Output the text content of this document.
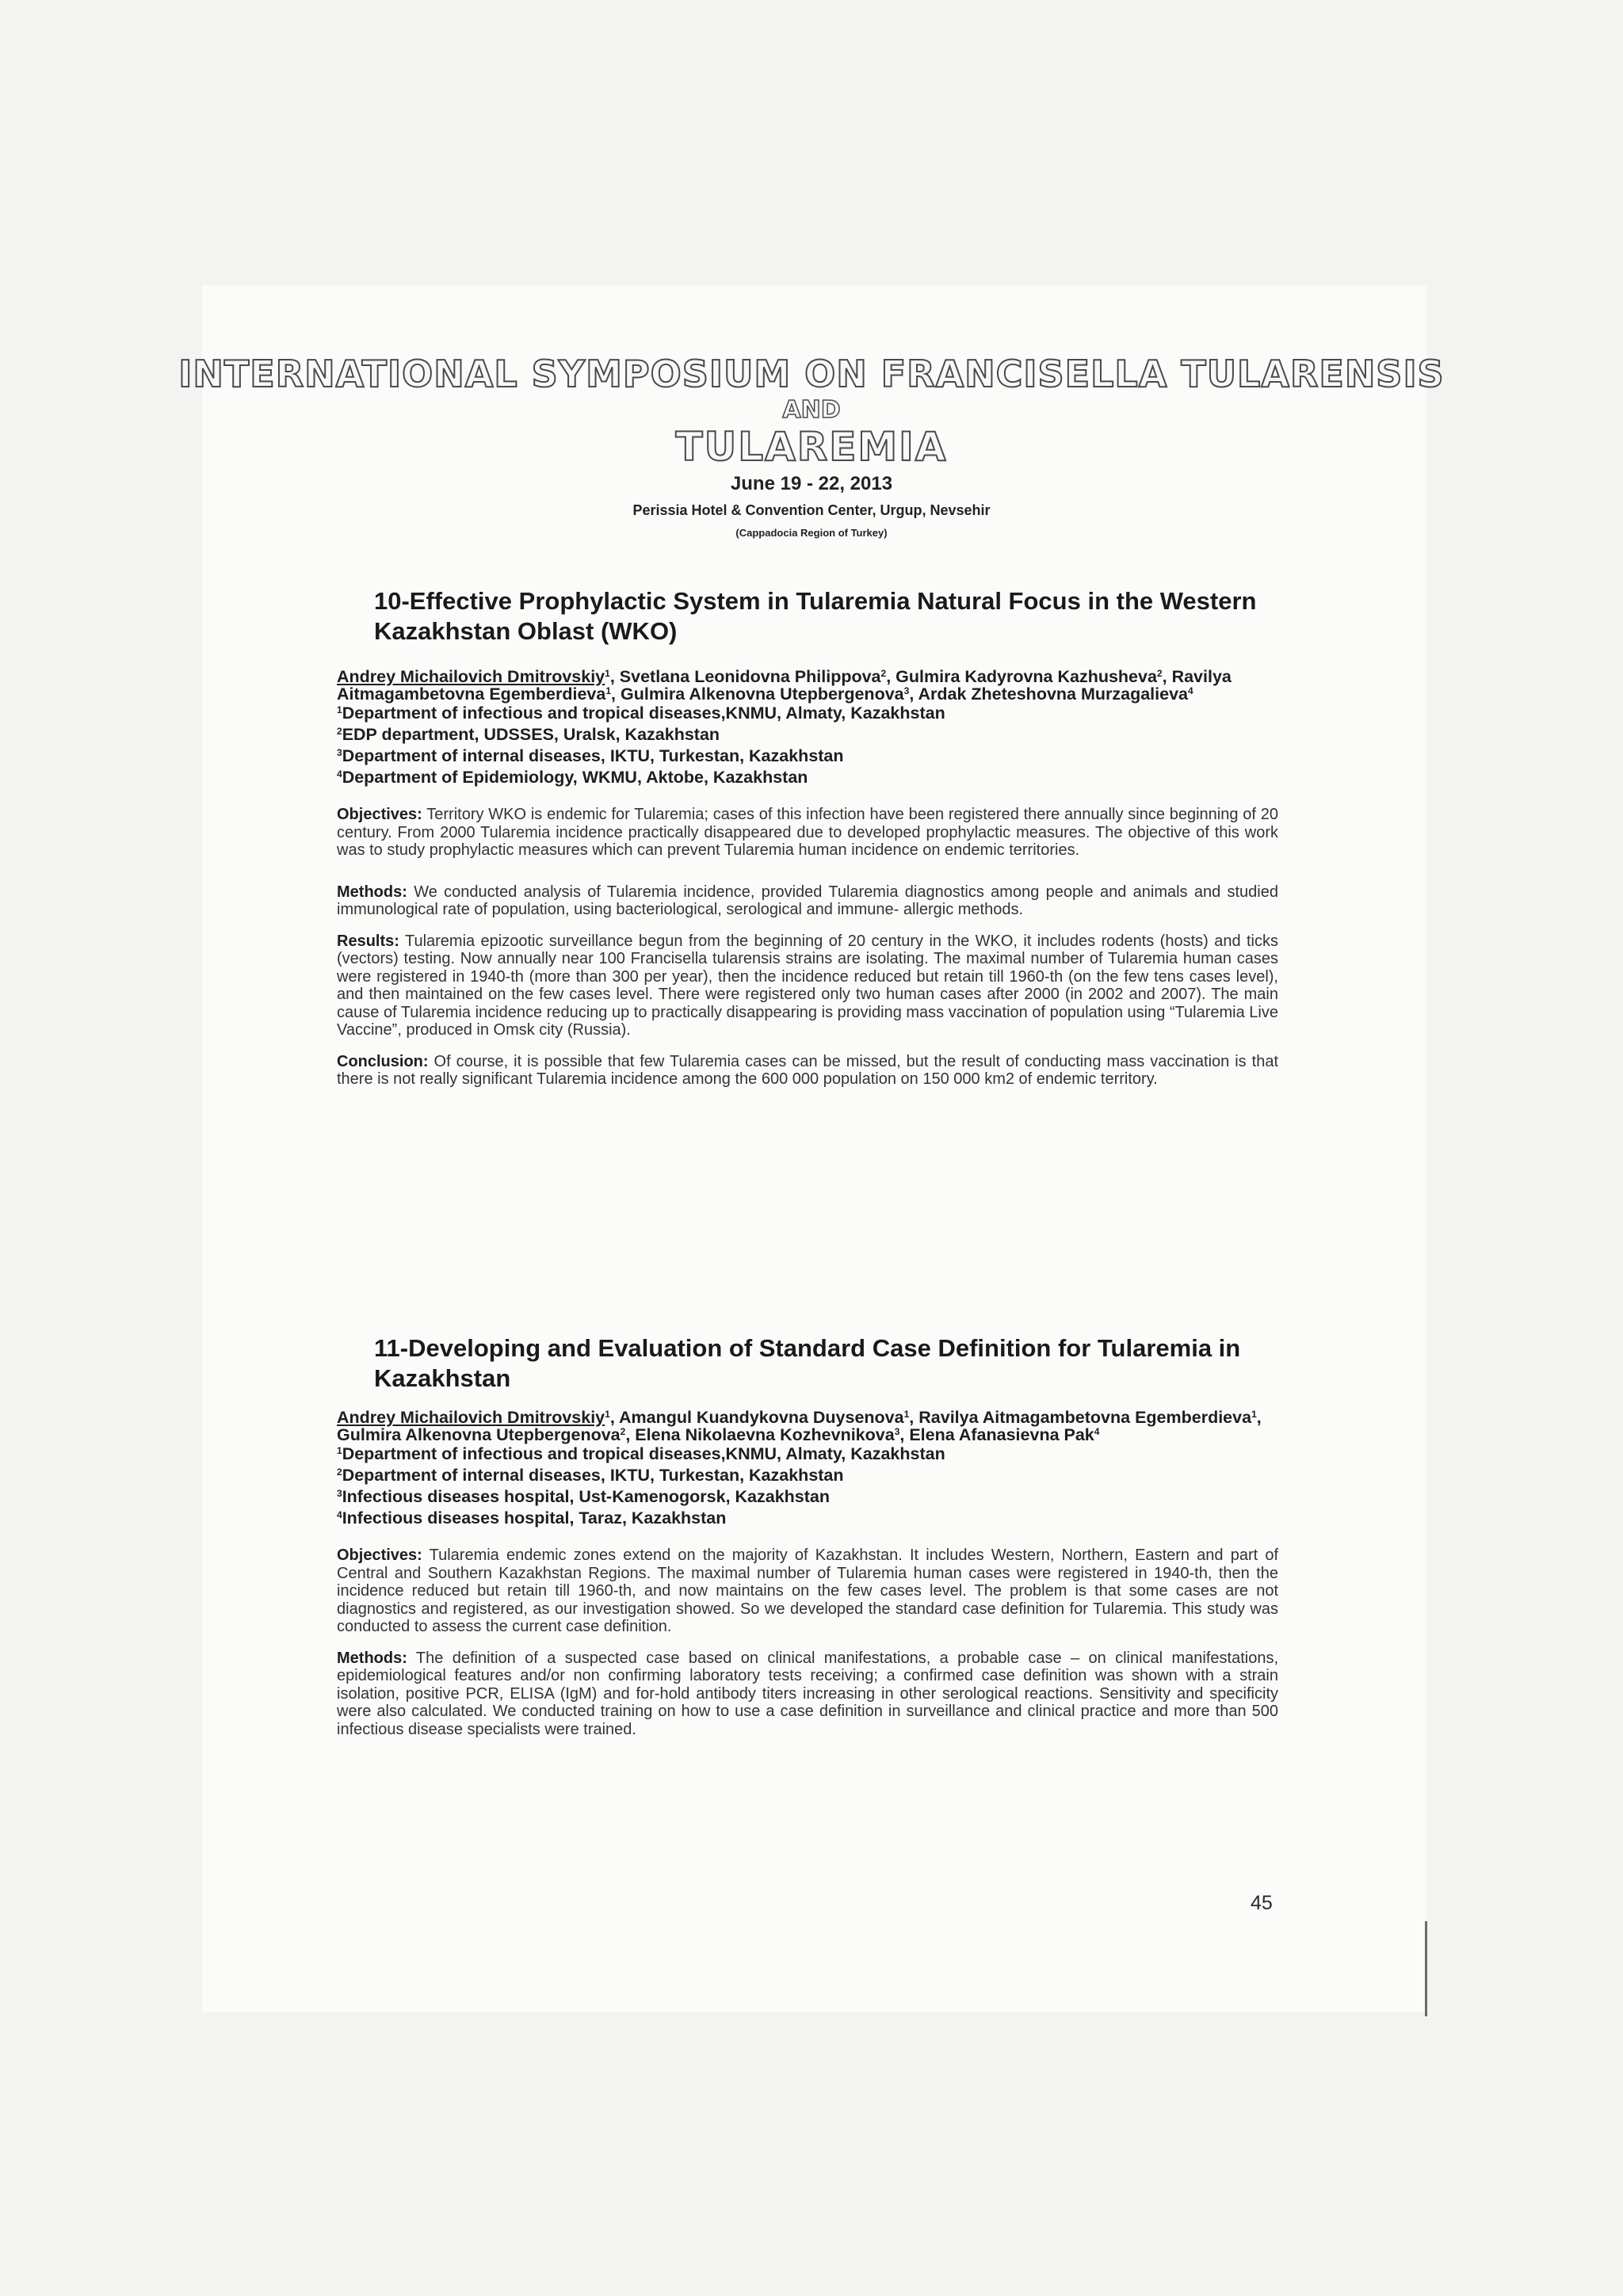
INTERNATIONAL SYMPOSIUM ON FRANCISELLA TULARENSIS
AND
TULAREMIA
June 19 - 22, 2013
Perissia Hotel & Convention Center, Urgup, Nevsehir
(Cappadocia Region of Turkey)
10-Effective Prophylactic System in Tularemia Natural Focus in the Western Kazakhstan Oblast (WKO)
Andrey Michailovich Dmitrovskiy$^1$, Svetlana Leonidovna Philippova$^2$, Gulmira Kadyrovna Kazhusheva$^2$, Ravilya Aitmagambetovna Egemberdieva$^1$, Gulmira Alkenovna Utepbergenova$^3$, Ardak Zheteshovna Murzagalieva$^4$
$^1$Department of infectious and tropical diseases,KNMU, Almaty, Kazakhstan
$^2$EDP department, UDSSES, Uralsk, Kazakhstan
$^3$Department of internal diseases, IKTU, Turkestan, Kazakhstan
$^4$Department of Epidemiology, WKMU, Aktobe, Kazakhstan

Objectives: Territory WKO is endemic for Tularemia; cases of this infection have been registered there annually since beginning of 20 century. From 2000 Tularemia incidence practically disappeared due to developed prophylactic measures. The objective of this work was to study prophylactic measures which can prevent Tularemia human incidence on endemic territories.

Methods: We conducted analysis of Tularemia incidence, provided Tularemia diagnostics among people and animals and studied immunological rate of population, using bacteriological, serological and immune- allergic methods.

Results: Tularemia epizootic surveillance begun from the beginning of 20 century in the WKO, it includes rodents (hosts) and ticks (vectors) testing. Now annually near 100 Francisella tularensis strains are isolating. The maximal number of Tularemia human cases were registered in 1940-th (more than 300 per year), then the incidence reduced but retain till 1960-th (on the few tens cases level), and then maintained on the few cases level. There were registered only two human cases after 2000 (in 2002 and 2007). The main cause of Tularemia incidence reducing up to practically disappearing is providing mass vaccination of population using “Tularemia Live Vaccine”, produced in Omsk city (Russia).

Conclusion: Of course, it is possible that few Tularemia cases can be missed, but the result of conducting mass vaccination is that there is not really significant Tularemia incidence among the 600 000 population on 150 000 km2 of endemic territory.

11-Developing and Evaluation of Standard Case Definition for Tularemia in Kazakhstan
Andrey Michailovich Dmitrovskiy$^1$, Amangul Kuandykovna Duysenova$^1$, Ravilya Aitmagambetovna Egemberdieva$^1$, Gulmira Alkenovna Utepbergenova$^2$, Elena Nikolaevna Kozhevnikova$^3$, Elena Afanasievna Pak$^4$
$^1$Department of infectious and tropical diseases,KNMU, Almaty, Kazakhstan
$^2$Department of internal diseases, IKTU, Turkestan, Kazakhstan
$^3$Infectious diseases hospital, Ust-Kamenogorsk, Kazakhstan
$^4$Infectious diseases hospital, Taraz, Kazakhstan

Objectives: Tularemia endemic zones extend on the majority of Kazakhstan. It includes Western, Northern, Eastern and part of Central and Southern Kazakhstan Regions. The maximal number of Tularemia human cases were registered in 1940-th, then the incidence reduced but retain till 1960-th, and now maintains on the few cases level. The problem is that some cases are not diagnostics and registered, as our investigation showed. So we developed the standard case definition for Tularemia. This study was conducted to assess the current case definition.

Methods: The definition of a suspected case based on clinical manifestations, a probable case – on clinical manifestations, epidemiological features and/or non confirming laboratory tests receiving; a confirmed case definition was shown with a strain isolation, positive PCR, ELISA (IgM) and for-hold antibody titers increasing in other serological reactions. Sensitivity and specificity were also calculated. We conducted training on how to use a case definition in surveillance and clinical practice and more than 500 infectious disease specialists were trained.

45
